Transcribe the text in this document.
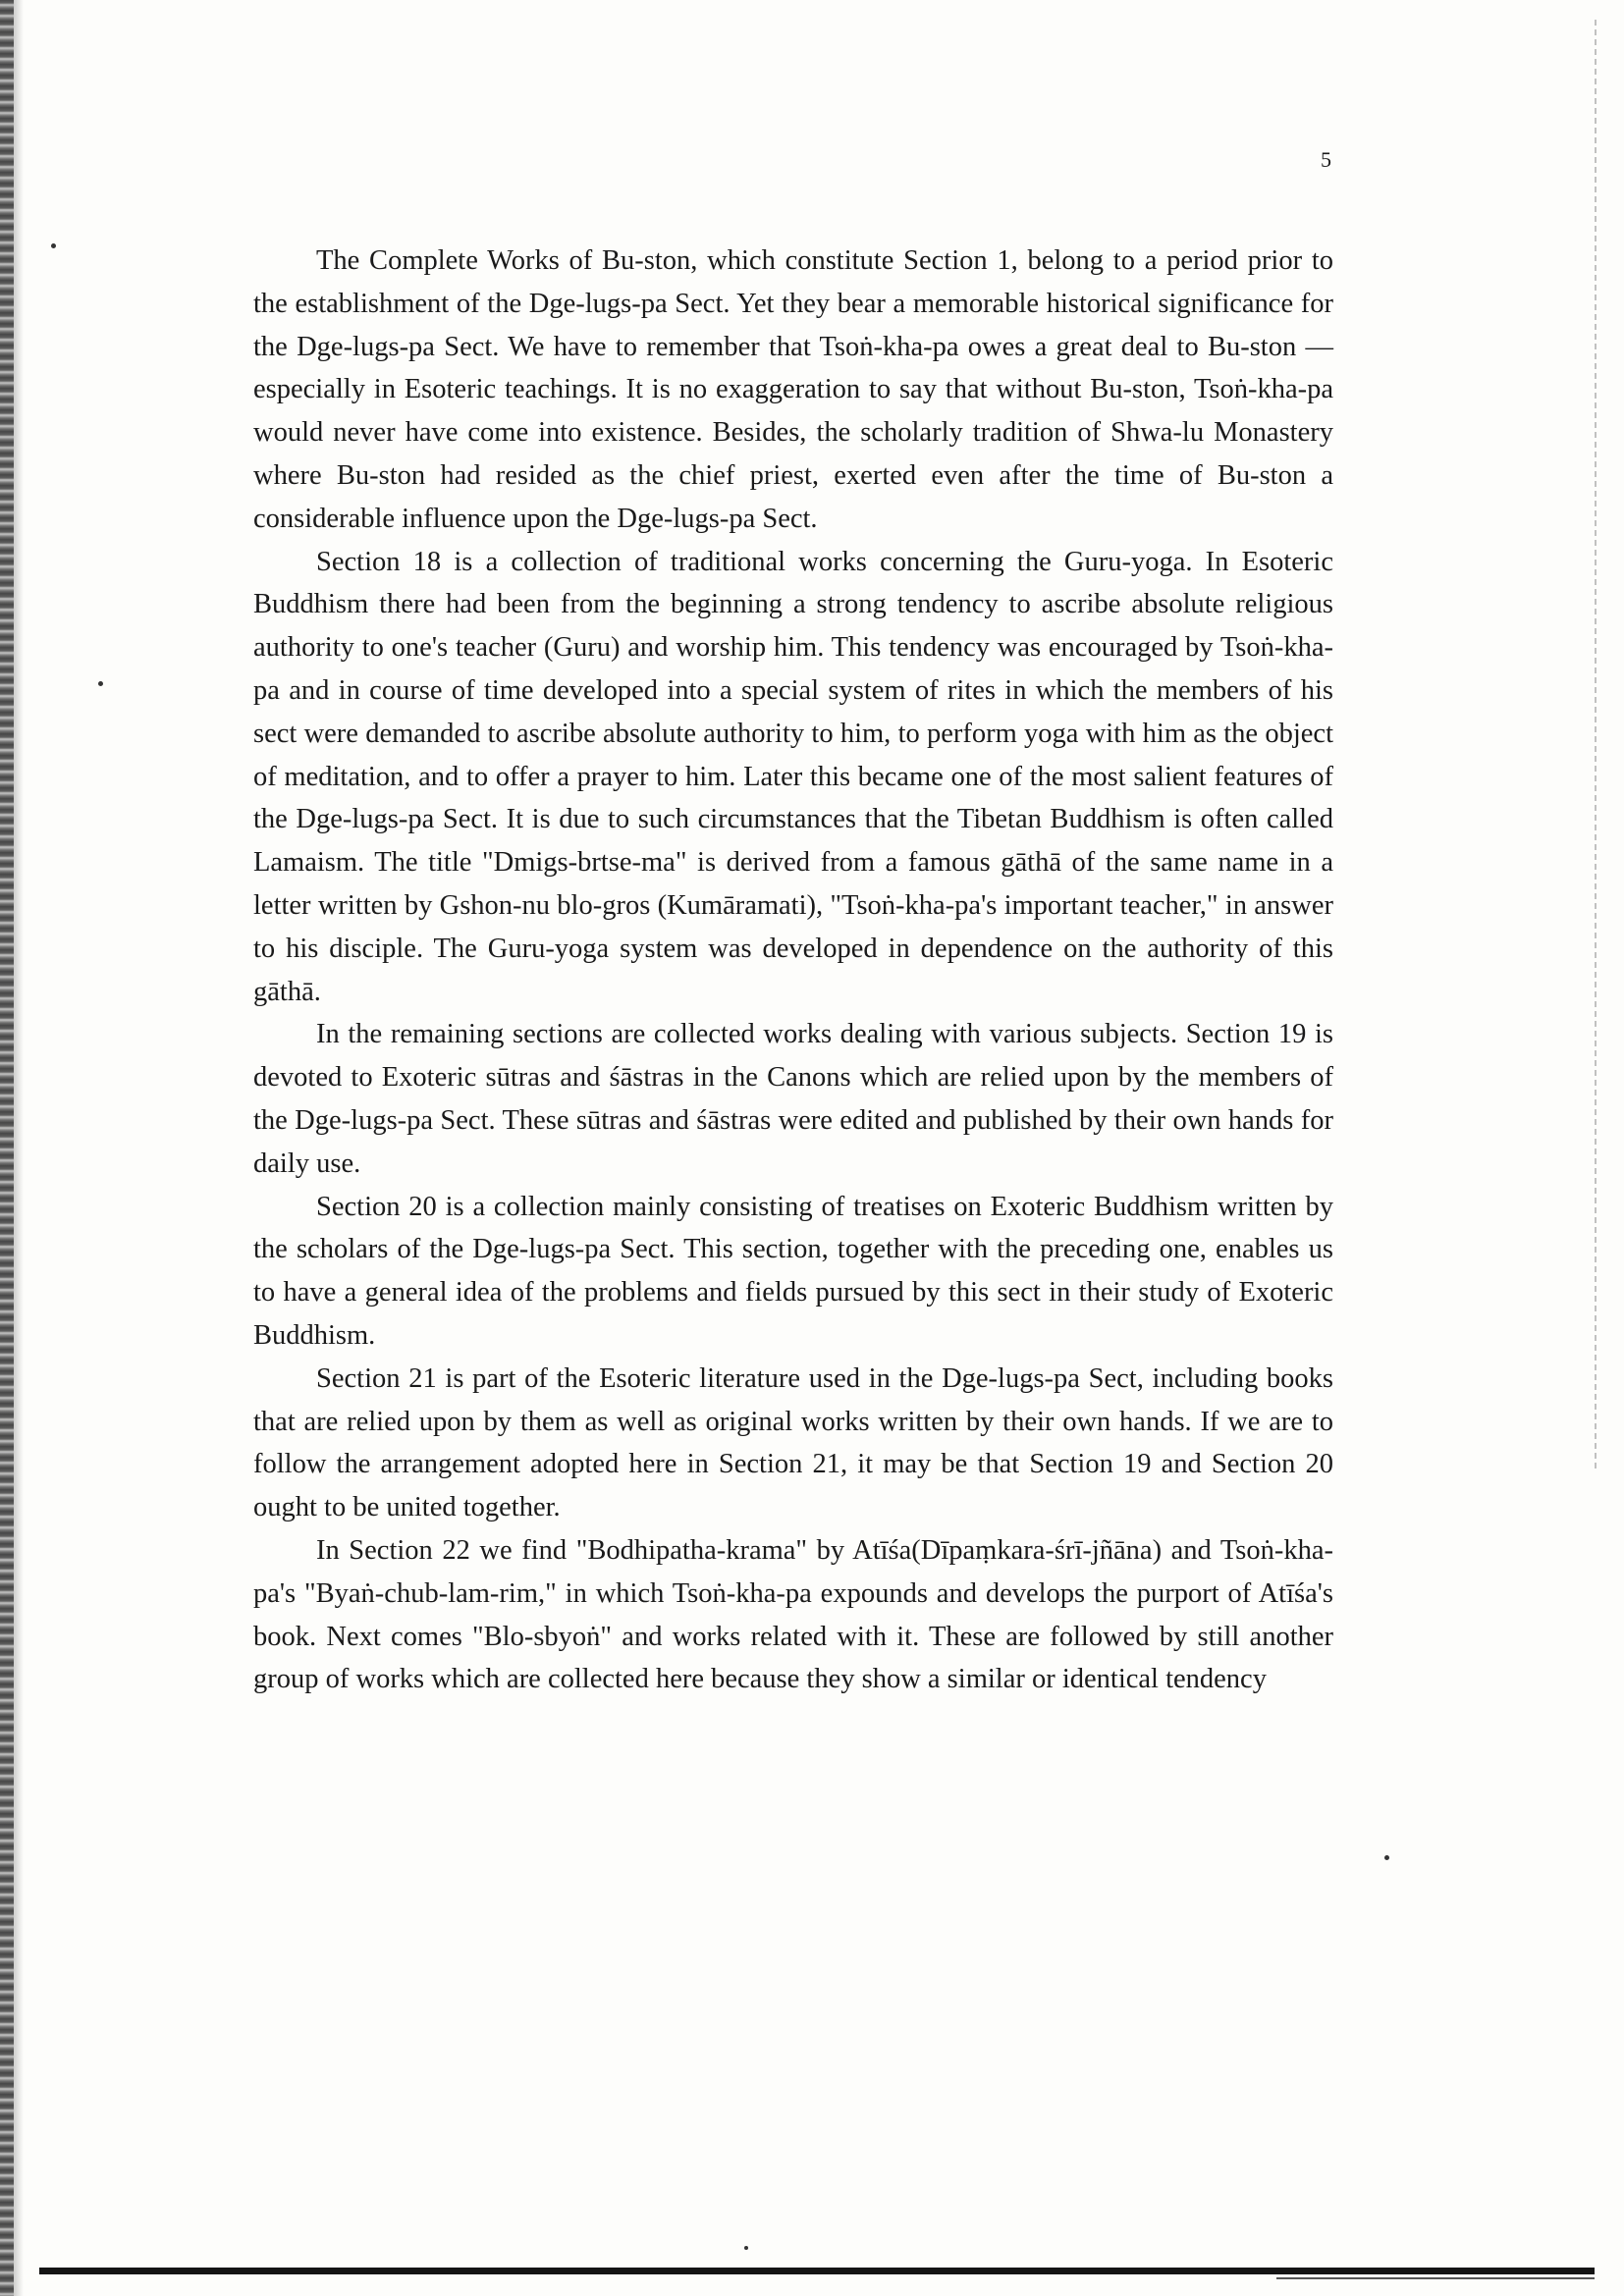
5

The Complete Works of Bu-ston, which constitute Section 1, belong to a period prior to the establishment of the Dge-lugs-pa Sect. Yet they bear a memorable historical significance for the Dge-lugs-pa Sect. We have to remember that Tsoṅ-kha-pa owes a great deal to Bu-ston — especially in Esoteric teachings. It is no exaggeration to say that without Bu-ston, Tsoṅ-kha-pa would never have come into existence. Besides, the scholarly tradition of Shwa-lu Monastery where Bu-ston had resided as the chief priest, exerted even after the time of Bu-ston a considerable influence upon the Dge-lugs-pa Sect.

Section 18 is a collection of traditional works concerning the Guru-yoga. In Esoteric Buddhism there had been from the beginning a strong tendency to ascribe absolute religious authority to one's teacher (Guru) and worship him. This tendency was encouraged by Tsoṅ-kha-pa and in course of time developed into a special system of rites in which the members of his sect were demanded to ascribe absolute authority to him, to perform yoga with him as the object of meditation, and to offer a prayer to him. Later this became one of the most salient features of the Dge-lugs-pa Sect. It is due to such circumstances that the Tibetan Buddhism is often called Lamaism. The title "Dmigs-brtse-ma" is derived from a famous gāthā of the same name in a letter written by Gshon-nu blo-gros (Kumāramati), "Tsoṅ-kha-pa's important teacher," in answer to his disciple. The Guru-yoga system was developed in dependence on the authority of this gāthā.

In the remaining sections are collected works dealing with various subjects. Section 19 is devoted to Exoteric sūtras and śāstras in the Canons which are relied upon by the members of the Dge-lugs-pa Sect. These sūtras and śāstras were edited and published by their own hands for daily use.

Section 20 is a collection mainly consisting of treatises on Exoteric Buddhism written by the scholars of the Dge-lugs-pa Sect. This section, together with the preceding one, enables us to have a general idea of the problems and fields pursued by this sect in their study of Exoteric Buddhism.

Section 21 is part of the Esoteric literature used in the Dge-lugs-pa Sect, including books that are relied upon by them as well as original works written by their own hands. If we are to follow the arrangement adopted here in Section 21, it may be that Section 19 and Section 20 ought to be united together.

In Section 22 we find "Bodhipatha-krama" by Atīśa(Dīpaṃkara-śrī-jñāna) and Tsoṅ-kha-pa's "Byaṅ-chub-lam-rim," in which Tsoṅ-kha-pa expounds and develops the purport of Atīśa's book. Next comes "Blo-sbyoṅ" and works related with it. These are followed by still another group of works which are collected here because they show a similar or identical tendency
